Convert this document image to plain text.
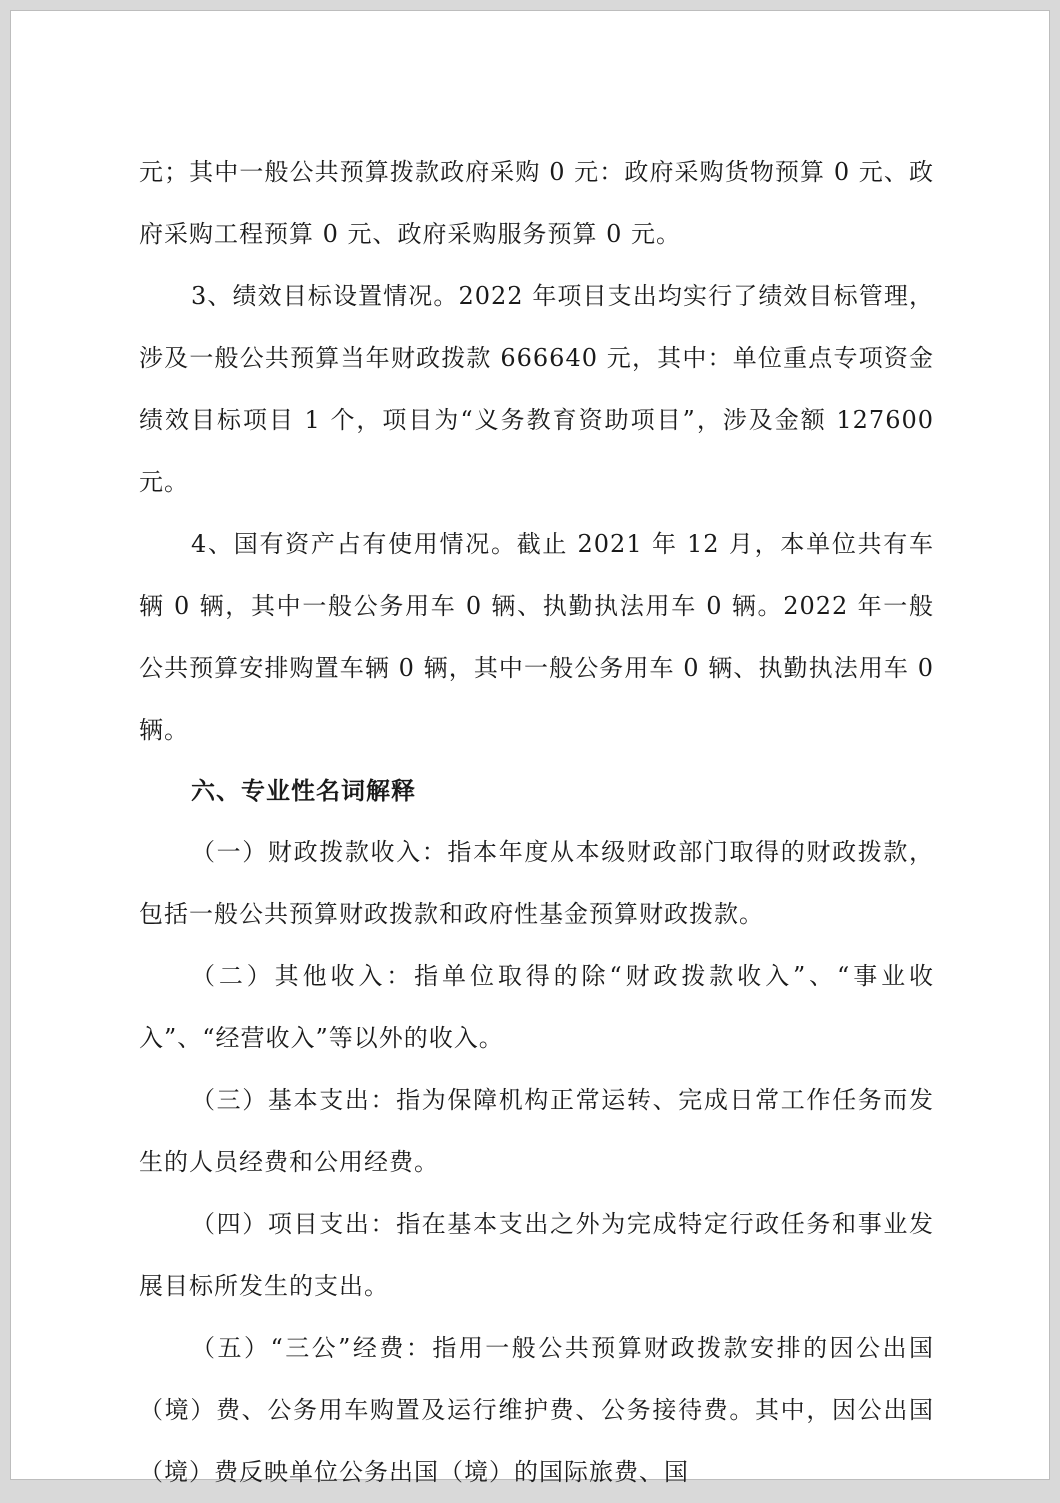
元；其中一般公共预算拨款政府采购 0 元：政府采购货物预算 0 元、政府采购工程预算 0 元、政府采购服务预算 0 元。

3、绩效目标设置情况。2022 年项目支出均实行了绩效目标管理，涉及一般公共预算当年财政拨款 666640 元，其中：单位重点专项资金绩效目标项目 1 个，项目为“义务教育资助项目”，涉及金额 127600 元。

4、国有资产占有使用情况。截止 2021 年 12 月，本单位共有车辆 0 辆，其中一般公务用车 0 辆、执勤执法用车 0 辆。2022 年一般公共预算安排购置车辆 0 辆，其中一般公务用车 0 辆、执勤执法用车 0 辆。

六、专业性名词解释

（一）财政拨款收入：指本年度从本级财政部门取得的财政拨款，包括一般公共预算财政拨款和政府性基金预算财政拨款。

（二）其他收入：指单位取得的除“财政拨款收入”、“事业收入”、“经营收入”等以外的收入。

（三）基本支出：指为保障机构正常运转、完成日常工作任务而发生的人员经费和公用经费。

（四）项目支出：指在基本支出之外为完成特定行政任务和事业发展目标所发生的支出。

（五）“三公”经费：指用一般公共预算财政拨款安排的因公出国（境）费、公务用车购置及运行维护费、公务接待费。其中，因公出国（境）费反映单位公务出国（境）的国际旅费、国
